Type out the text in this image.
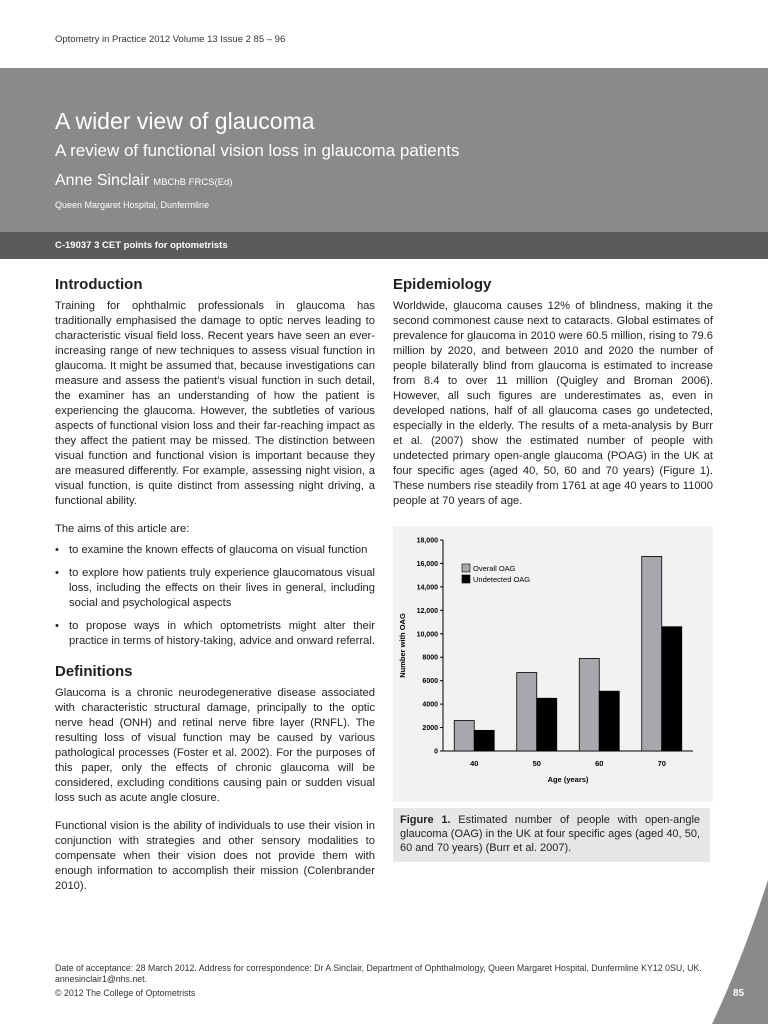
Optometry in Practice 2012 Volume 13 Issue 2 85 – 96
A wider view of glaucoma
A review of functional vision loss in glaucoma patients
Anne Sinclair MBChB FRCS(Ed)
Queen Margaret Hospital, Dunfermline
C-19037 3 CET points for optometrists
Introduction

Training for ophthalmic professionals in glaucoma has traditionally emphasised the damage to optic nerves leading to characteristic visual field loss. Recent years have seen an ever-increasing range of new techniques to assess visual function in glaucoma. It might be assumed that, because investigations can measure and assess the patient’s visual function in such detail, the examiner has an understanding of how the patient is experiencing the glaucoma. However, the subtleties of various aspects of functional vision loss and their far-reaching impact as they affect the patient may be missed. The distinction between visual function and functional vision is important because they are measured differently. For example, assessing night vision, a visual function, is quite distinct from assessing night driving, a functional ability.

The aims of this article are:

• to examine the known effects of glaucoma on visual function
• to explore how patients truly experience glaucomatous visual loss, including the effects on their lives in general, including social and psychological aspects
• to propose ways in which optometrists might alter their practice in terms of history-taking, advice and onward referral.
Definitions

Glaucoma is a chronic neurodegenerative disease associated with characteristic structural damage, principally to the optic nerve head (ONH) and retinal nerve fibre layer (RNFL). The resulting loss of visual function may be caused by various pathological processes (Foster et al. 2002). For the purposes of this paper, only the effects of chronic glaucoma will be considered, excluding conditions causing pain or sudden visual loss such as acute angle closure.

Functional vision is the ability of individuals to use their vision in conjunction with strategies and other sensory modalities to compensate when their vision does not provide them with enough information to accomplish their mission (Colenbrander 2010).

Epidemiology

Worldwide, glaucoma causes 12% of blindness, making it the second commonest cause next to cataracts. Global estimates of prevalence for glaucoma in 2010 were 60.5 million, rising to 79.6 million by 2020, and between 2010 and 2020 the number of people bilaterally blind from glaucoma is estimated to increase from 8.4 to over 11 million (Quigley and Broman 2006). However, all such figures are underestimates as, even in developed nations, half of all glaucoma cases go undetected, especially in the elderly. The results of a meta-analysis by Burr et al. (2007) show the estimated number of people with undetected primary open-angle glaucoma (POAG) in the UK at four specific ages (aged 40, 50, 60 and 70 years) (Figure 1). These numbers rise steadily from 1761 at age 40 years to 11000 people at 70 years of age.

0
2000
4000
6000
8000
10,000
12,000
14,000
16,000
18,000
40	50	60	70
Age (years)
Number with OAG
Overall OAG
Undetected OAG
Figure 1. Estimated number of people with open-angle glaucoma (OAG) in the UK at four specific ages (aged 40, 50, 60 and 70 years) (Burr et al. 2007).
Date of acceptance: 28 March 2012. Address for correspondence: Dr A Sinclair, Department of Ophthalmology, Queen Margaret Hospital, Dunfermline KY12 0SU, UK. annesinclair1@nhs.net.
© 2012 The College of Optometrists	85
